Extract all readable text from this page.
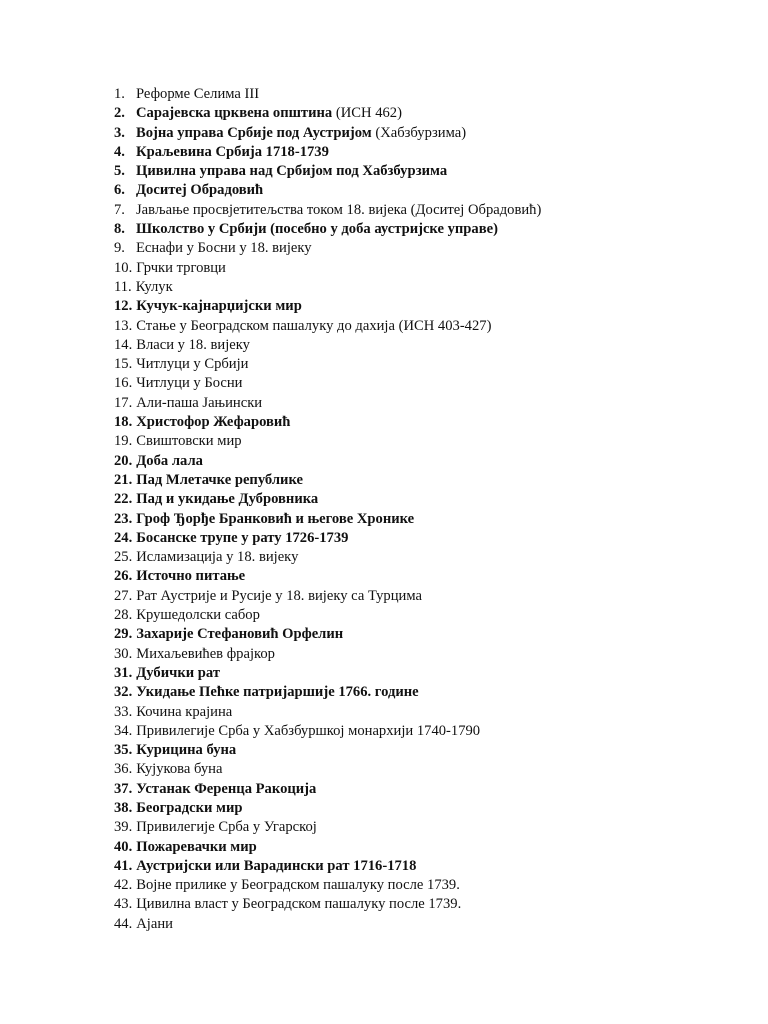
1. Реформе Селима III
2. Сарајевска црквена општина (ИСН 462)
3. Војна управа Србије под Аустријом (Хабзбурзима)
4. Краљевина Србија 1718-1739
5. Цивилна управа над Србијом под Хабзбурзима
6. Доситеј Обрадовић
7. Јављање просвјетитељства током 18. вијека (Доситеј Обрадовић)
8. Школство у Србији (посебно у доба аустријске управе)
9. Еснафи у Босни у 18. вијеку
10. Грчки трговци
11. Кулук
12. Кучук-кајнарџијски мир
13. Стање у Београдском пашалуку до дахија (ИСН 403-427)
14. Власи у 18. вијеку
15. Читлуци у Србији
16. Читлуци у Босни
17. Али-паша Јањински
18. Христофор Жефаровић
19. Свиштовски мир
20. Доба лала
21. Пад Млетачке републике
22. Пад и укидање Дубровника
23. Гроф Ђорђе Бранковић и његове Хронике
24. Босанске трупе у рату 1726-1739
25. Исламизација у 18. вијеку
26. Источно питање
27. Рат Аустрије и Русије у 18. вијеку са Турцима
28. Крушедолски сабор
29. Захарије Стефановић Орфелин
30. Михаљевићев фрајкор
31. Дубички рат
32. Укидање Пећке патријаршије 1766. године
33. Кочина крајина
34. Привилегије Срба у Хабзбуршкој монархији 1740-1790
35. Курицина буна
36. Кујукова буна
37. Устанак Ференца Ракоција
38. Београдски мир
39. Привилегије Срба у Угарској
40. Пожаревачки мир
41. Аустријски или Варадински рат 1716-1718
42. Војне прилике у Београдском пашалуку после 1739.
43. Цивилна власт у Београдском пашалуку после 1739.
44. Ајани
